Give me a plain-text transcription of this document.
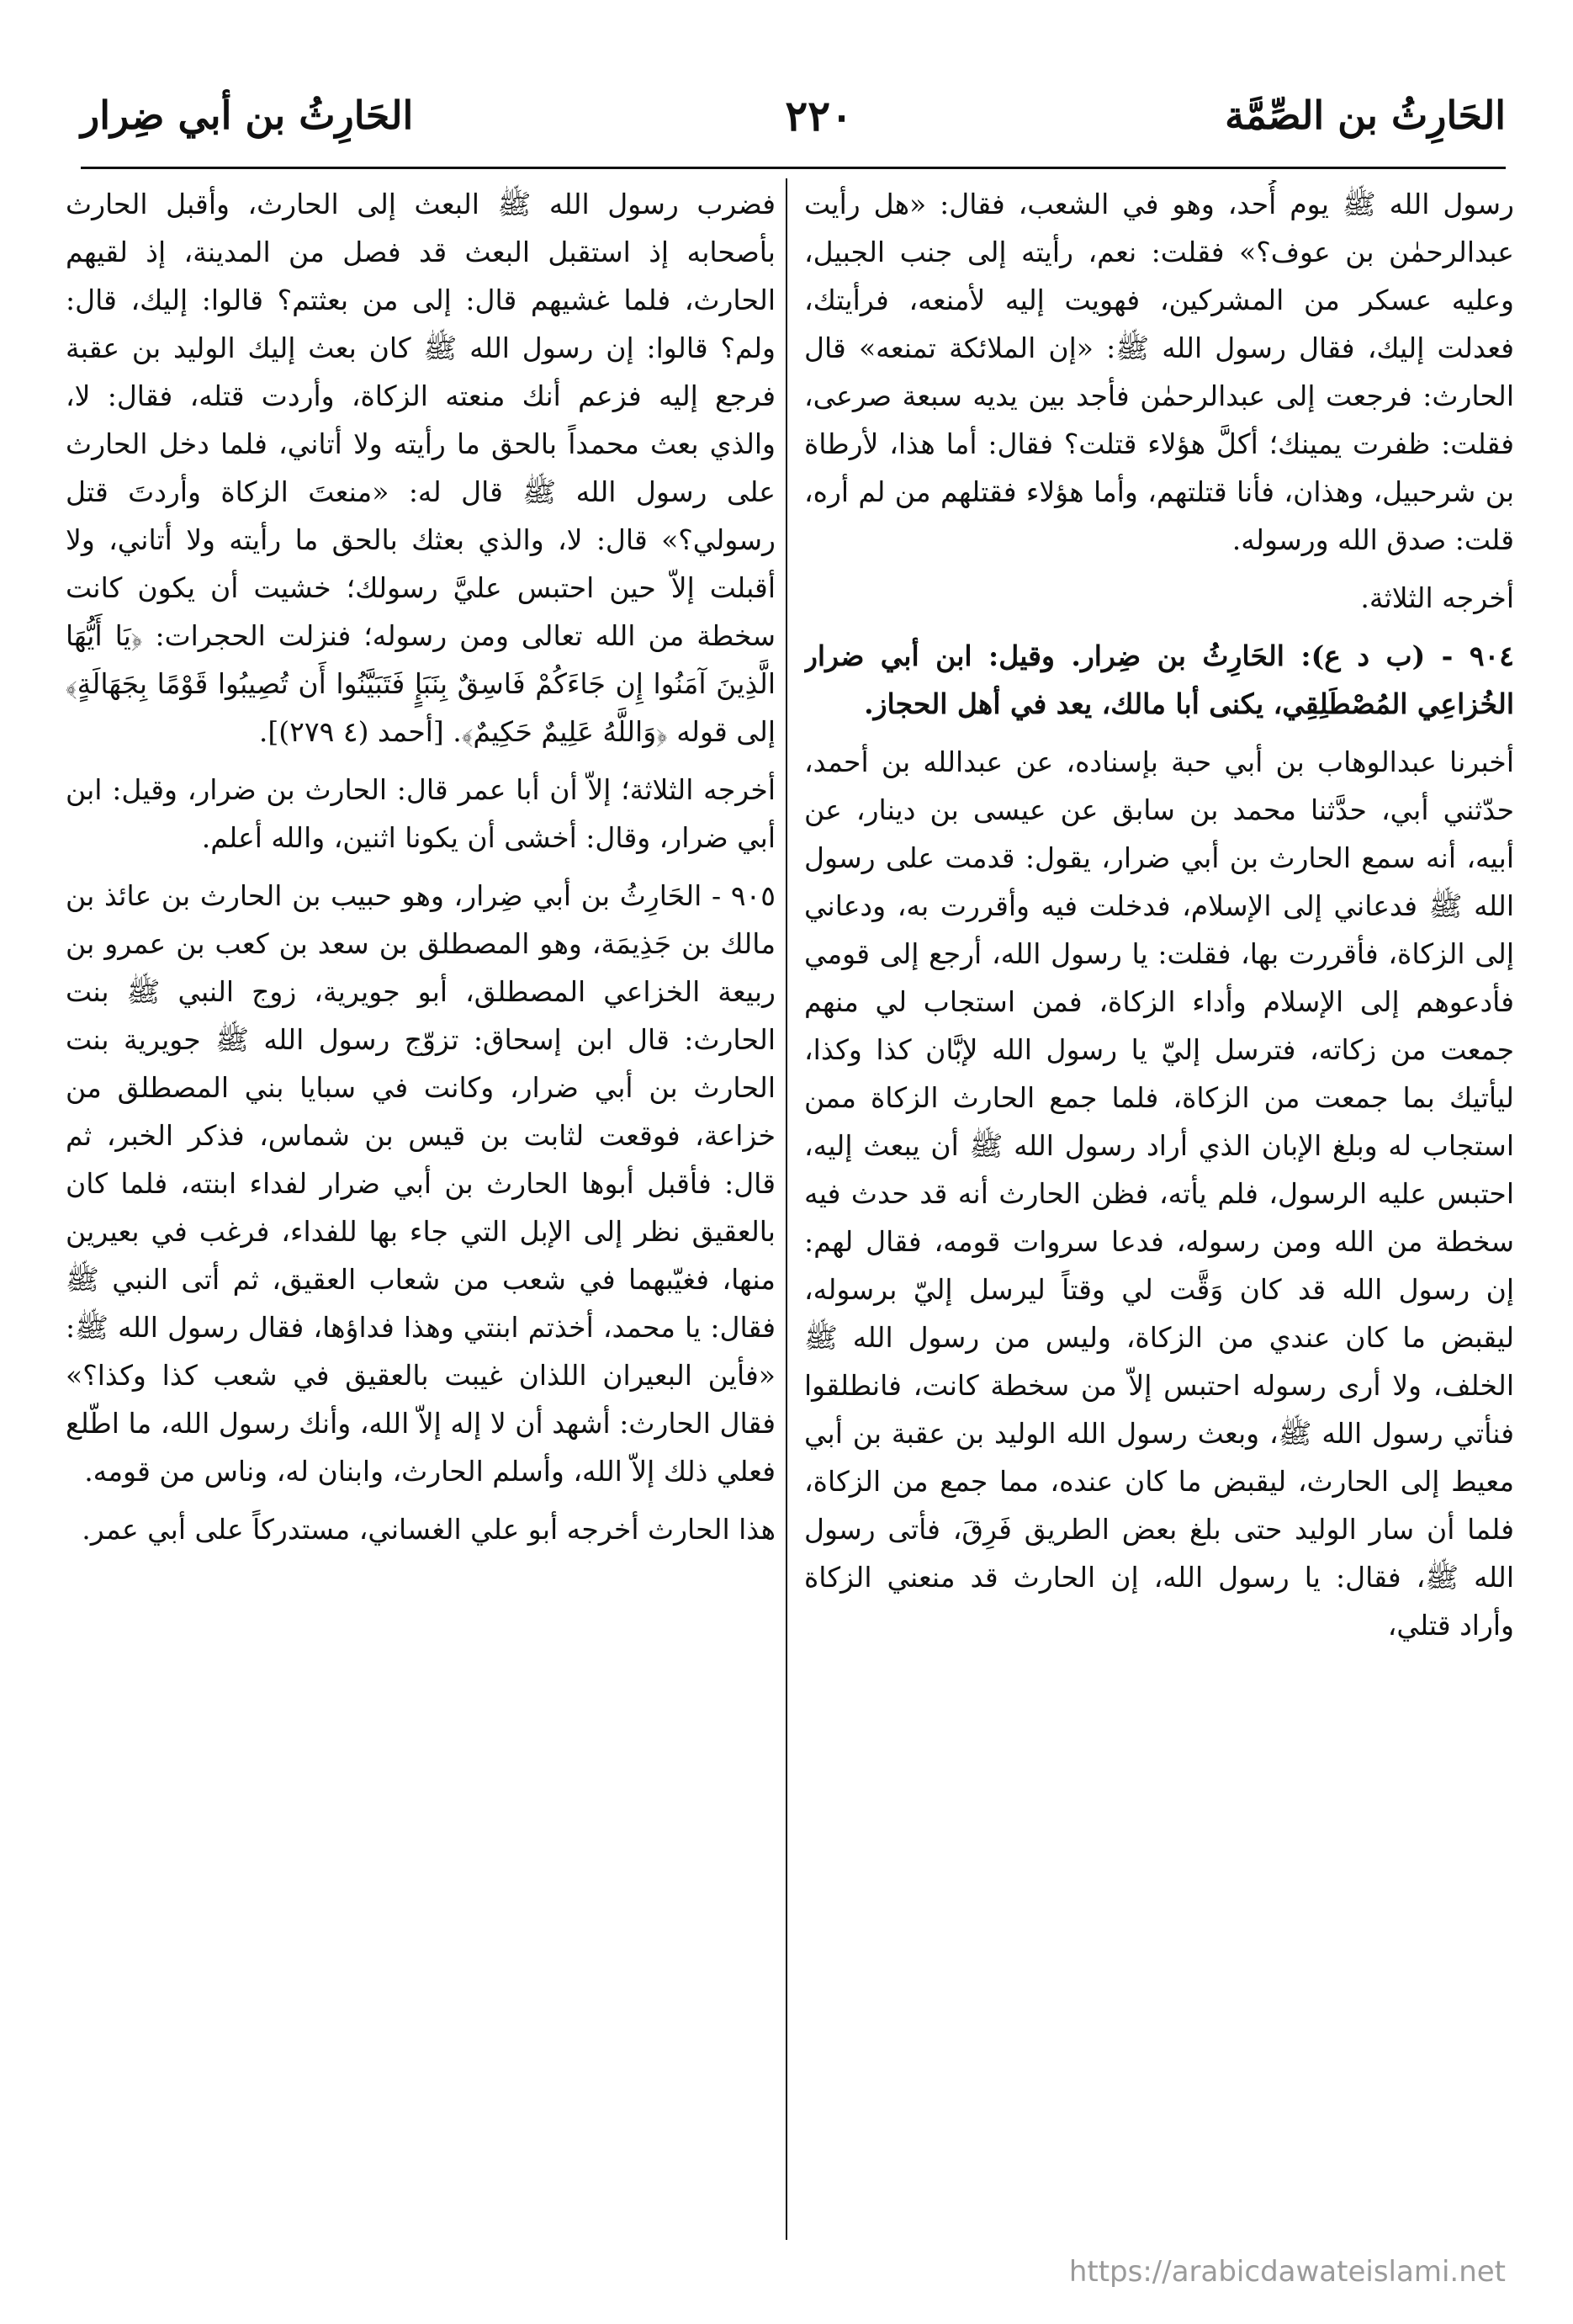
الحَارِثُ بن الصِّمَّة
٢٢٠
الحَارِثُ بن أبي ضِرار

رسول الله ﷺ يوم أُحد، وهو في الشعب، فقال: «هل رأيت عبدالرحمٰن بن عوف؟» فقلت: نعم، رأيته إلى جنب الجبيل، وعليه عسكر من المشركين، فهويت إليه لأمنعه، فرأيتك، فعدلت إليك، فقال رسول الله ﷺ: «إن الملائكة تمنعه» قال الحارث: فرجعت إلى عبدالرحمٰن فأجد بين يديه سبعة صرعى، فقلت: ظفرت يمينك؛ أكلَّ هؤلاء قتلت؟ فقال: أما هذا، لأرطاة بن شرحبيل، وهذان، فأنا قتلتهم، وأما هؤلاء فقتلهم من لم أره، قلت: صدق الله ورسوله.

أخرجه الثلاثة.

٩٠٤ - (ب د ع): الحَارِثُ بن ضِرار. وقيل: ابن أبي ضرار الخُزاعِي المُصْطَلِقِي، يكنى أبا مالك، يعد في أهل الحجاز.

أخبرنا عبدالوهاب بن أبي حبة بإسناده، عن عبدالله بن أحمد، حدّثني أبي، حدَّثنا محمد بن سابق عن عيسى بن دينار، عن أبيه، أنه سمع الحارث بن أبي ضرار، يقول: قدمت على رسول الله ﷺ فدعاني إلى الإسلام، فدخلت فيه وأقررت به، ودعاني إلى الزكاة، فأقررت بها، فقلت: يا رسول الله، أرجع إلى قومي فأدعوهم إلى الإسلام وأداء الزكاة، فمن استجاب لي منهم جمعت من زكاته، فترسل إليّ يا رسول الله لإبَّان كذا وكذا، ليأتيك بما جمعت من الزكاة، فلما جمع الحارث الزكاة ممن استجاب له وبلغ الإبان الذي أراد رسول الله ﷺ أن يبعث إليه، احتبس عليه الرسول، فلم يأته، فظن الحارث أنه قد حدث فيه سخطة من الله ومن رسوله، فدعا سروات قومه، فقال لهم: إن رسول الله قد كان وَقَّت لي وقتاً ليرسل إليّ برسوله، ليقبض ما كان عندي من الزكاة، وليس من رسول الله ﷺ الخلف، ولا أرى رسوله احتبس إلاّ من سخطة كانت، فانطلقوا فنأتي رسول الله ﷺ، وبعث رسول الله الوليد بن عقبة بن أبي معيط إلى الحارث، ليقبض ما كان عنده، مما جمع من الزكاة، فلما أن سار الوليد حتى بلغ بعض الطريق فَرِقَ، فأتى رسول الله ﷺ، فقال: يا رسول الله، إن الحارث قد منعني الزكاة وأراد قتلي،

فضرب رسول الله ﷺ البعث إلى الحارث، وأقبل الحارث بأصحابه إذ استقبل البعث قد فصل من المدينة، إذ لقيهم الحارث، فلما غشيهم قال: إلى من بعثتم؟ قالوا: إليك، قال: ولم؟ قالوا: إن رسول الله ﷺ كان بعث إليك الوليد بن عقبة فرجع إليه فزعم أنك منعته الزكاة، وأردت قتله، فقال: لا، والذي بعث محمداً بالحق ما رأيته ولا أتاني، فلما دخل الحارث على رسول الله ﷺ قال له: «منعتَ الزكاة وأردتَ قتل رسولي؟» قال: لا، والذي بعثك بالحق ما رأيته ولا أتاني، ولا أقبلت إلاّ حين احتبس عليَّ رسولك؛ خشيت أن يكون كانت سخطة من الله تعالى ومن رسوله؛ فنزلت الحجرات: ﴿يَا أَيُّهَا الَّذِينَ آمَنُوا إِن جَاءَكُمْ فَاسِقٌ بِنَبَإٍ فَتَبَيَّنُوا أَن تُصِيبُوا قَوْمًا بِجَهَالَةٍ﴾ إلى قوله ﴿وَاللَّهُ عَلِيمٌ حَكِيمٌ﴾. [أحمد (٤ ٢٧٩)].

أخرجه الثلاثة؛ إلاّ أن أبا عمر قال: الحارث بن ضرار، وقيل: ابن أبي ضرار، وقال: أخشى أن يكونا اثنين، والله أعلم.

٩٠٥ - الحَارِثُ بن أبي ضِرار، وهو حبيب بن الحارث بن عائذ بن مالك بن جَذِيمَة، وهو المصطلق بن سعد بن كعب بن عمرو بن ربيعة الخزاعي المصطلق، أبو جويرية، زوج النبي ﷺ بنت الحارث: قال ابن إسحاق: تزوّج رسول الله ﷺ جويرية بنت الحارث بن أبي ضرار، وكانت في سبايا بني المصطلق من خزاعة، فوقعت لثابت بن قيس بن شماس، فذكر الخبر، ثم قال: فأقبل أبوها الحارث بن أبي ضرار لفداء ابنته، فلما كان بالعقيق نظر إلى الإبل التي جاء بها للفداء، فرغب في بعيرين منها، فغيّبهما في شعب من شعاب العقيق، ثم أتى النبي ﷺ فقال: يا محمد، أخذتم ابنتي وهذا فداؤها، فقال رسول الله ﷺ: «فأين البعيران اللذان غيبت بالعقيق في شعب كذا وكذا؟» فقال الحارث: أشهد أن لا إله إلاّ الله، وأنك رسول الله، ما اطّلع فعلي ذلك إلاّ الله، وأسلم الحارث، وابنان له، وناس من قومه.

هذا الحارث أخرجه أبو علي الغساني، مستدركاً على أبي عمر.

https://arabicdawateislami.net
